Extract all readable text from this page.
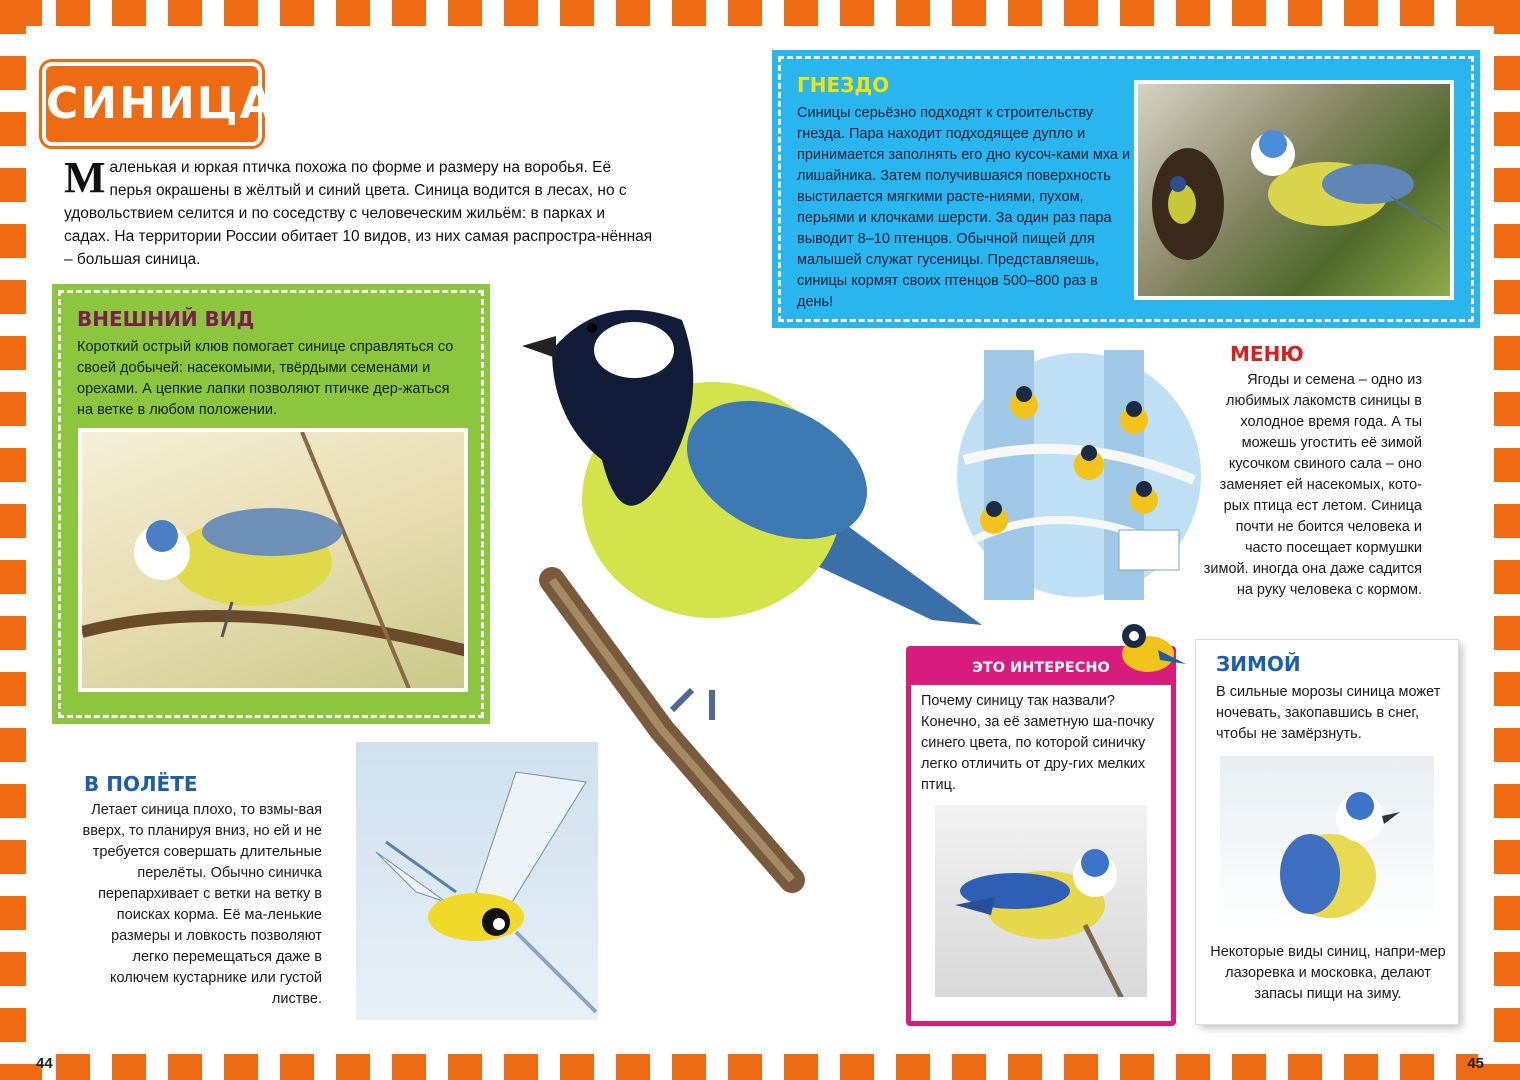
СИНИЦА
М аленькая и юркая птичка похожа по форме и размеру на воробья. Её перья окрашены в жёлтый и синий цвета. Синица водится в лесах, но с удовольствием селится и по соседству с человеческим жильём: в парках и садах. На территории России обитает 10 видов, из них самая распростра-нённая – большая синица.
ГНЕЗДО

Синицы серьёзно подходят к строительству гнезда. Пара находит подходящее дупло и принимается заполнять его дно кусоч-ками мха и лишайника. Затем получившаяся поверхность выстилается мягкими расте-ниями, пухом, перьями и клочками шерсти. За один раз пара выводит 8–10 птенцов. Обычной пищей для малышей служат гусеницы. Представляешь, синицы кормят своих птенцов 500–800 раз в день!

ВНЕШНИЙ ВИД

Короткий острый клюв помогает синице справляться со своей добычей: насекомыми, твёрдыми семенами и орехами. А цепкие лапки позволяют птичке дер-жаться на ветке в любом положении.

МЕНЮ
Ягоды и семена – одно из любимых лакомств синицы в холодное время года. А ты можешь угостить её зимой кусочком свиного сала – оно заменяет ей насекомых, кото-рых птица ест летом. Синица почти не боится человека и часто посещает кормушки зимой. иногда она даже садится на руку человека с кормом.
ЭТО ИНТЕРЕСНО

Почему синицу так назвали? Конечно, за её заметную ша-почку синего цвета, по которой синичку легко отличить от дру-гих мелких птиц.

ЗИМОЙ

В сильные морозы синица может ночевать, закопавшись в снег, чтобы не замёрзнуть.

Некоторые виды синиц, напри-мер лазоревка и московка, делают запасы пищи на зиму.

В ПОЛЁТЕ
Летает синица плохо, то взмы-вая вверх, то планируя вниз, но ей и не требуется совершать длительные перелёты. Обычно синичка перепархивает с ветки на ветку в поисках корма. Её ма-ленькие размеры и ловкость позволяют легко перемещаться даже в колючем кустарнике или густой листве.
44	45
